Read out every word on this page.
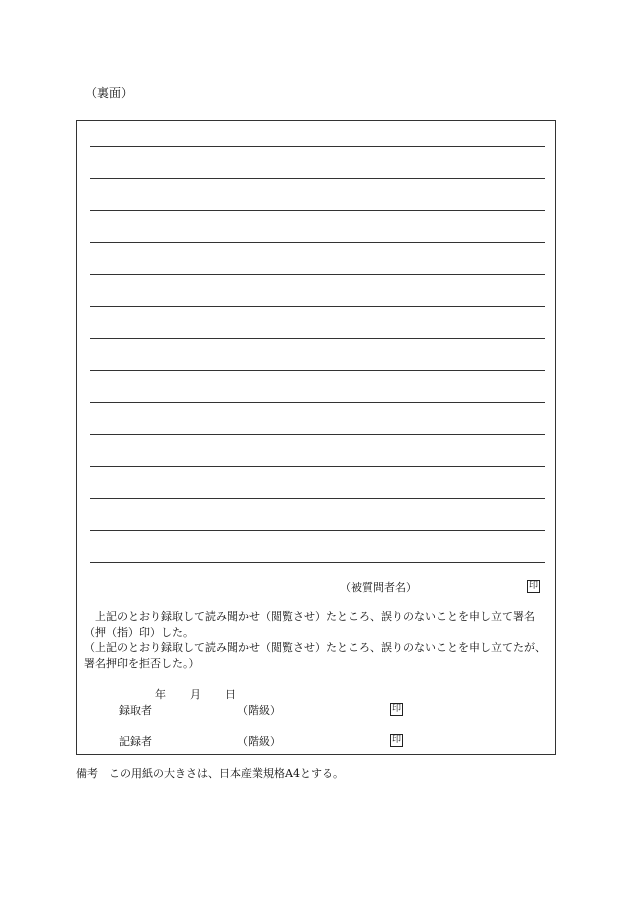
（裏面）
（被質問者名）	印

　上記のとおり録取して読み聞かせ（閲覧させ）たところ、誤りのないことを申し立て署名（押（指）印）した。

（上記のとおり録取して読み聞かせ（閲覧させ）たところ、誤りのないことを申し立てたが、署名押印を拒否した。）

年 月 日
録取者	（階級）	印
記録者	（階級）	印
備考　この用紙の大きさは、日本産業規格A4とする。
